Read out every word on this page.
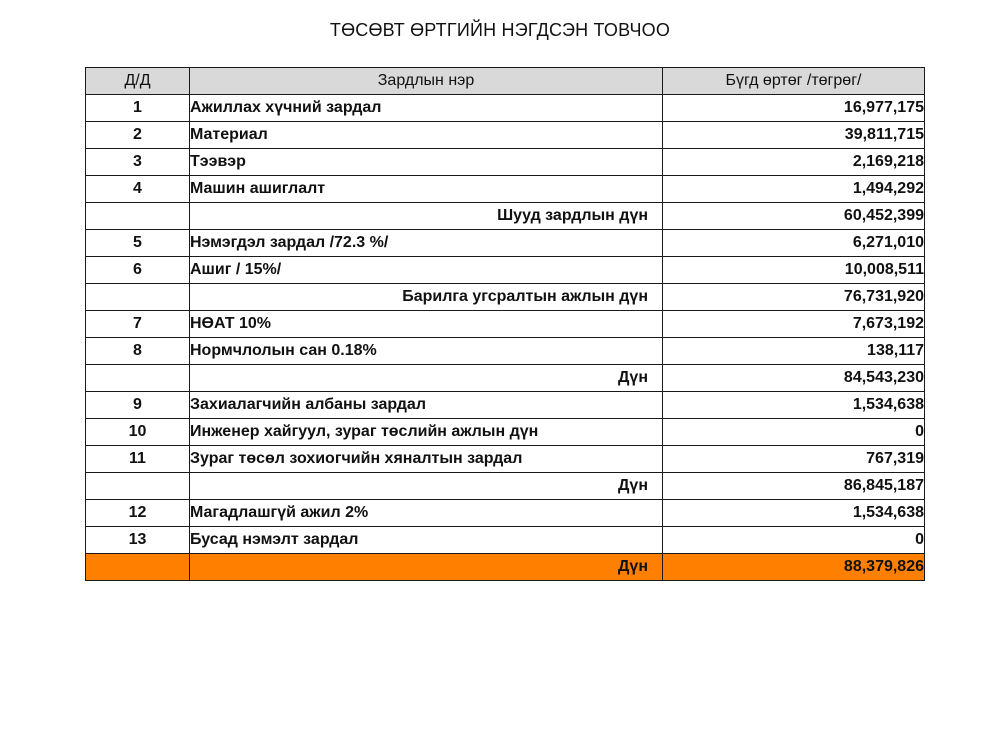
ТӨСӨВТ ӨРТГИЙН НЭГДСЭН ТОВЧОО
Д/Д	Зардлын нэр	Бүгд өртөг /төгрөг/
1	Ажиллах хүчний зардал	16,977,175
2	Материал	39,811,715
3	Тээвэр	2,169,218
4	Машин ашиглалт	1,494,292
	Шууд зардлын дүн	60,452,399
5	Нэмэгдэл зардал /72.3 %/	6,271,010
6	Ашиг / 15%/	10,008,511
	Барилга угсралтын ажлын дүн	76,731,920
7	НӨАТ 10%	7,673,192
8	Нормчлолын сан 0.18%	138,117
	Дүн	84,543,230
9	Захиалагчийн албаны зардал	1,534,638
10	Инженер хайгуул, зураг төслийн ажлын дүн	0
11	Зураг төсөл зохиогчийн хяналтын зардал	767,319
	Дүн	86,845,187
12	Магадлашгүй ажил 2%	1,534,638
13	Бусад нэмэлт зардал	0
	Дүн	88,379,826
